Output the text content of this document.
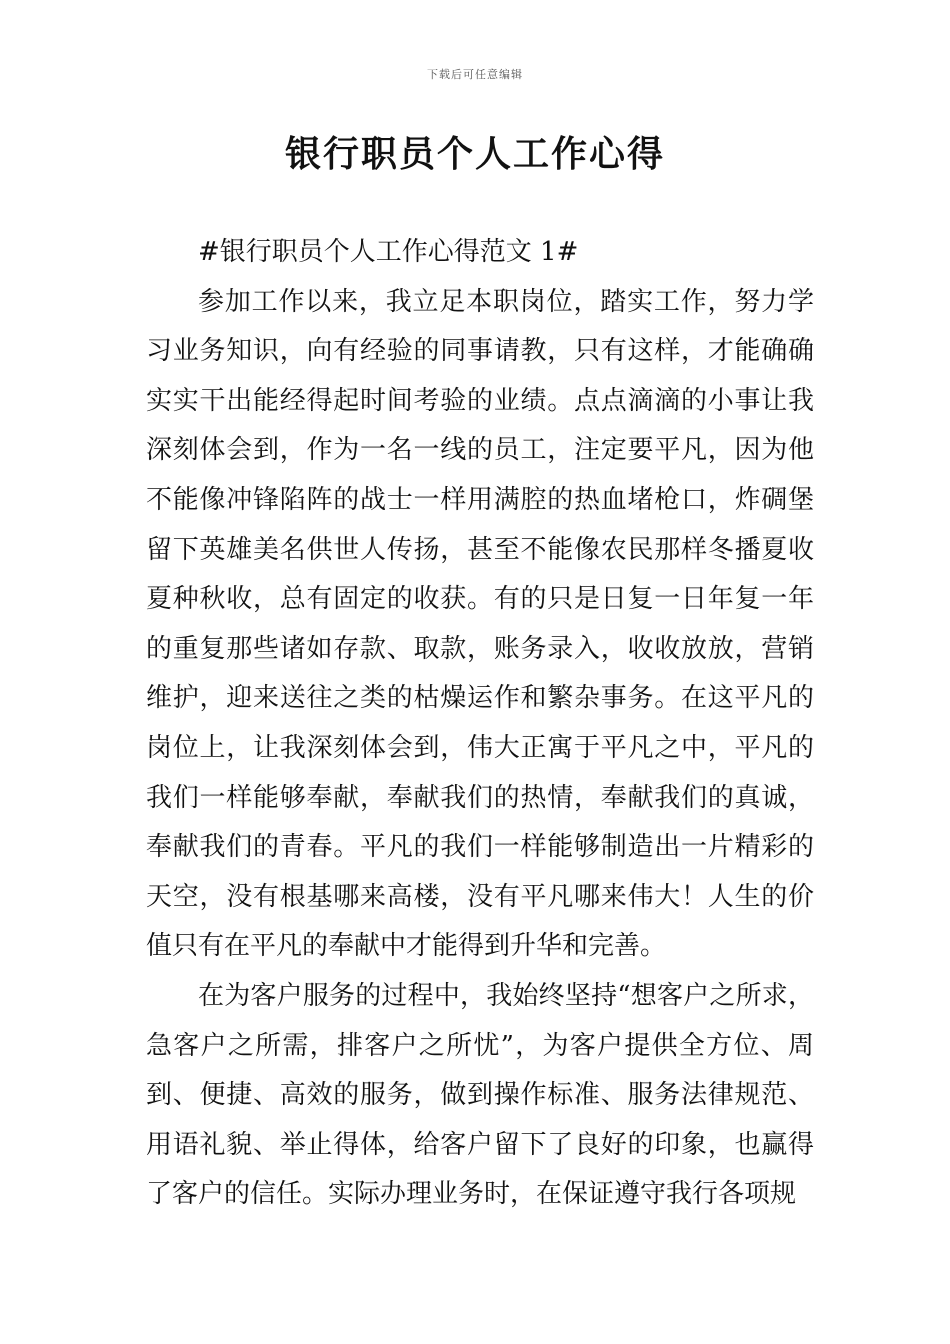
下载后可任意编辑
银行职员个人工作心得
#银行职员个人工作心得范文 1#

参加工作以来，我立足本职岗位，踏实工作，努力学习业务知识，向有经验的同事请教，只有这样，才能确确实实干出能经得起时间考验的业绩。点点滴滴的小事让我深刻体会到，作为一名一线的员工，注定要平凡，因为他不能像冲锋陷阵的战士一样用满腔的热血堵枪口，炸碉堡留下英雄美名供世人传扬，甚至不能像农民那样冬播夏收夏种秋收，总有固定的收获。有的只是日复一日年复一年的重复那些诸如存款、取款，账务录入，收收放放，营销维护，迎来送往之类的枯燥运作和繁杂事务。在这平凡的岗位上，让我深刻体会到，伟大正寓于平凡之中，平凡的我们一样能够奉献，奉献我们的热情，奉献我们的真诚，奉献我们的青春。平凡的我们一样能够制造出一片精彩的天空，没有根基哪来高楼，没有平凡哪来伟大！人生的价值只有在平凡的奉献中才能得到升华和完善。

在为客户服务的过程中，我始终坚持“想客户之所求，急客户之所需，排客户之所忧”，为客户提供全方位、周到、便捷、高效的服务，做到操作标准、服务法律规范、用语礼貌、举止得体，给客户留下了良好的印象，也赢得了客户的信任。实际办理业务时，在保证遵守我行各项规
